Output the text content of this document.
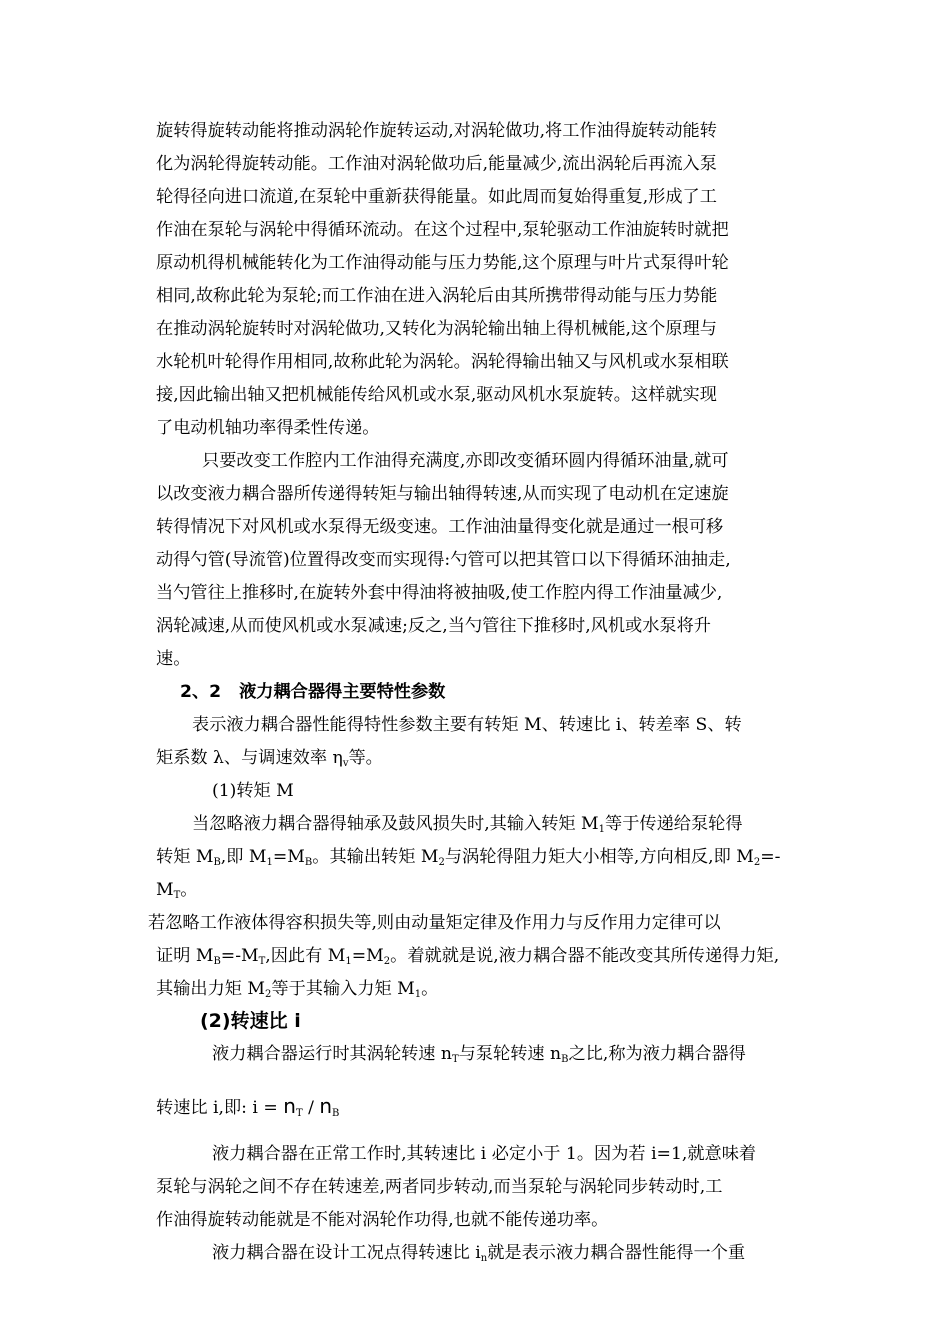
旋转得旋转动能将推动涡轮作旋转运动,对涡轮做功,将工作油得旋转动能转
化为涡轮得旋转动能。工作油对涡轮做功后,能量减少,流出涡轮后再流入泵
轮得径向进口流道,在泵轮中重新获得能量。如此周而复始得重复,形成了工
作油在泵轮与涡轮中得循环流动。在这个过程中,泵轮驱动工作油旋转时就把
原动机得机械能转化为工作油得动能与压力势能,这个原理与叶片式泵得叶轮
相同,故称此轮为泵轮;而工作油在进入涡轮后由其所携带得动能与压力势能
在推动涡轮旋转时对涡轮做功,又转化为涡轮输出轴上得机械能,这个原理与
水轮机叶轮得作用相同,故称此轮为涡轮。涡轮得输出轴又与风机或水泵相联
接,因此输出轴又把机械能传给风机或水泵,驱动风机水泵旋转。这样就实现
了电动机轴功率得柔性传递。
只要改变工作腔内工作油得充满度,亦即改变循环圆内得循环油量,就可
以改变液力耦合器所传递得转矩与输出轴得转速,从而实现了电动机在定速旋
转得情况下对风机或水泵得无级变速。工作油油量得变化就是通过一根可移
动得勺管(导流管)位置得改变而实现得:勺管可以把其管口以下得循环油抽走,
当勺管往上推移时,在旋转外套中得油将被抽吸,使工作腔内得工作油量减少,
涡轮减速,从而使风机或水泵减速;反之,当勺管往下推移时,风机或水泵将升
速。
2、2 液力耦合器得主要特性参数
表示液力耦合器性能得特性参数主要有转矩 M、转速比 i、转差率 S、转
矩系数 λ、与调速效率 $\eta_v$等。
(1)转矩 M
当忽略液力耦合器得轴承及鼓风损失时,其输入转矩 $M_1$等于传递给泵轮得
转矩 $M_B$,即 $M_1=M_B$。其输出转矩 $M_2$与涡轮得阻力矩大小相等,方向相反,即 $M_2=-$
$M_T$。
若忽略工作液体得容积损失等,则由动量矩定律及作用力与反作用力定律可以
证明 $M_B=-M_T$,因此有 $M_1=M_2$。着就就是说,液力耦合器不能改变其所传递得力矩,
其输出力矩 $M_2$等于其输入力矩 $M_1$。
(2)转速比 i
液力耦合器运行时其涡轮转速 $n_T$与泵轮转速 $n_B$之比,称为液力耦合器得
转速比 i,即: $i = n_T / n_B$
液力耦合器在正常工作时,其转速比 i 必定小于 1。因为若 i=1,就意味着
泵轮与涡轮之间不存在转速差,两者同步转动,而当泵轮与涡轮同步转动时,工
作油得旋转动能就是不能对涡轮作功得,也就不能传递功率。
液力耦合器在设计工况点得转速比 $i_n$就是表示液力耦合器性能得一个重
